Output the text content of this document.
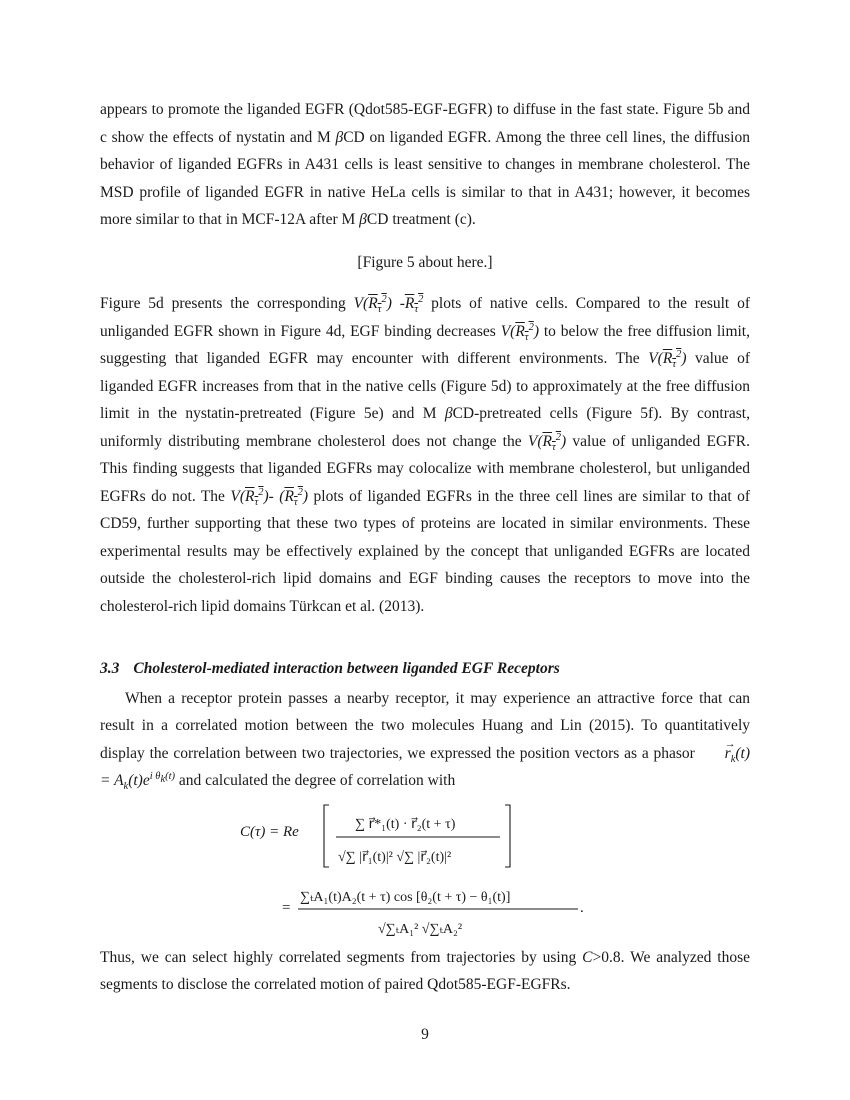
appears to promote the liganded EGFR (Qdot585-EGF-EGFR) to diffuse in the fast state. Figure 5b and c show the effects of nystatin and M βCD on liganded EGFR. Among the three cell lines, the diffusion behavior of liganded EGFRs in A431 cells is least sensitive to changes in membrane cholesterol. The MSD profile of liganded EGFR in native HeLa cells is similar to that in A431; however, it becomes more similar to that in MCF-12A after M βCD treatment (c).

[Figure 5 about here.]

Figure 5d presents the corresponding $V(R_\tau^2)$ $-R_\tau^2$ plots of native cells. Compared to the result of unliganded EGFR shown in Figure 4d, EGF binding decreases $V(R_\tau^2)$ to below the free diffusion limit, suggesting that liganded EGFR may encounter with different environments. The $V(R_\tau^2)$ value of liganded EGFR increases from that in the native cells (Figure 5d) to approximately at the free diffusion limit in the nystatin-pretreated (Figure 5e) and M βCD-pretreated cells (Figure 5f). By contrast, uniformly distributing membrane cholesterol does not change the $V(R_\tau^2)$ value of unliganded EGFR. This finding suggests that liganded EGFRs may colocalize with membrane cholesterol, but unliganded EGFRs do not. The $V(R_\tau^2)-$ $(R_\tau^2)$ plots of liganded EGFRs in the three cell lines are similar to that of CD59, further supporting that these two types of proteins are located in similar environments. These experimental results may be effectively explained by the concept that unliganded EGFRs are located outside the cholesterol-rich lipid domains and EGF binding causes the receptors to move into the cholesterol-rich lipid domains Türkcan et al. (2013).

3.3 Cholesterol-mediated interaction between liganded EGF Receptors

When a receptor protein passes a nearby receptor, it may experience an attractive force that can result in a correlated motion between the two molecules Huang and Lin (2015). To quantitatively display the correlation between two trajectories, we expressed the position vectors as a phasor r
→
$_k(t) = A_k(t)e^{i \theta_k(t)}$ and calculated the degree of correlation with

C(τ) = Re	∑ r⃗*₁(t) · r⃗₂(t + τ)
√∑ |r⃗₁(t)|² √∑ |r⃗₂(t)|²
=
∑ₜA₁(t)A₂(t + τ) cos [θ₂(t + τ) − θ₁(t)]
√∑ₜA₁² √∑ₜA₂²
.

Thus, we can select highly correlated segments from trajectories by using C>0.8. We analyzed those segments to disclose the correlated motion of paired Qdot585-EGF-EGFRs.

9
